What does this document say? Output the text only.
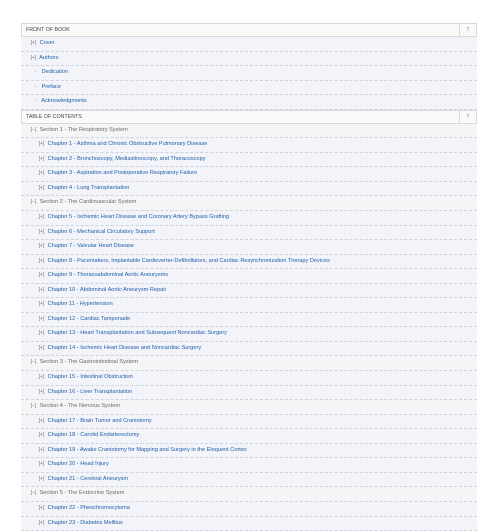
FRONT OF BOOK	↑
[+] Cover
[+] Authors
- Dedication
- Preface
- Acknowledgments
TABLE OF CONTENTS	↑
[−] Section 1 - The Respiratory System
[+] Chapter 1 - Asthma and Chronic Obstructive Pulmonary Disease
[+] Chapter 2 - Bronchoscopy, Mediastinoscopy, and Thoracoscopy
[+] Chapter 3 - Aspiration and Postoperative Respiratory Failure
[+] Chapter 4 - Lung Transplantation
[−] Section 2 - The Cardiovascular System
[+] Chapter 5 - Ischemic Heart Disease and Coronary Artery Bypass Grafting
[+] Chapter 6 - Mechanical Circulatory Support
[+] Chapter 7 - Valvular Heart Disease
[+] Chapter 8 - Pacemakers, Implantable Cardioverter-Defibrillators, and Cardiac Resynchronization Therapy Devices
[+] Chapter 9 - Thoracoabdominal Aortic Aneurysms
[+] Chapter 10 - Abdominal Aortic Aneurysm Repair
[+] Chapter 11 - Hypertension
[+] Chapter 12 - Cardiac Tamponade
[+] Chapter 13 - Heart Transplantation and Subsequent Noncardiac Surgery
[+] Chapter 14 - Ischemic Heart Disease and Noncardiac Surgery
[−] Section 3 - The Gastrointestinal System
[+] Chapter 15 - Intestinal Obstruction
[+] Chapter 16 - Liver Transplantation
[−] Section 4 - The Nervous System
[+] Chapter 17 - Brain Tumor and Craniotomy
[+] Chapter 18 - Carotid Endarterectomy
[+] Chapter 19 - Awake Craniotomy for Mapping and Surgery in the Eloquent Cortex
[+] Chapter 20 - Head Injury
[+] Chapter 21 - Cerebral Aneurysm
[−] Section 5 - The Endocrine System
[+] Chapter 22 - Pheochromocytoma
[+] Chapter 23 - Diabetes Mellitus
